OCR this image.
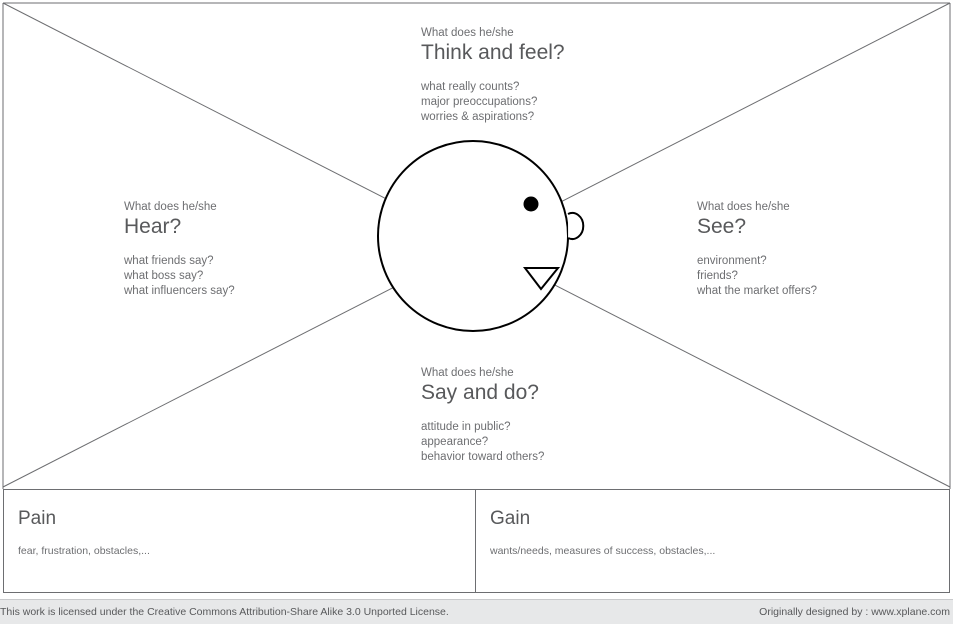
What does he/she

Think and feel?

what really counts?
major preoccupations?
worries & aspirations?

What does he/she

Hear?

what friends say?
what boss say?
what influencers say?

What does he/she

See?

environment?
friends?
what the market offers?

What does he/she

Say and do?

attitude in public?
appearance?
behavior toward others?
Pain
fear, frustration, obstacles,...
Gain
wants/needs, measures of success, obstacles,...
This work is licensed under the Creative Commons Attribution-Share Alike 3.0 Unported License.	Originally designed by : www.xplane.com
